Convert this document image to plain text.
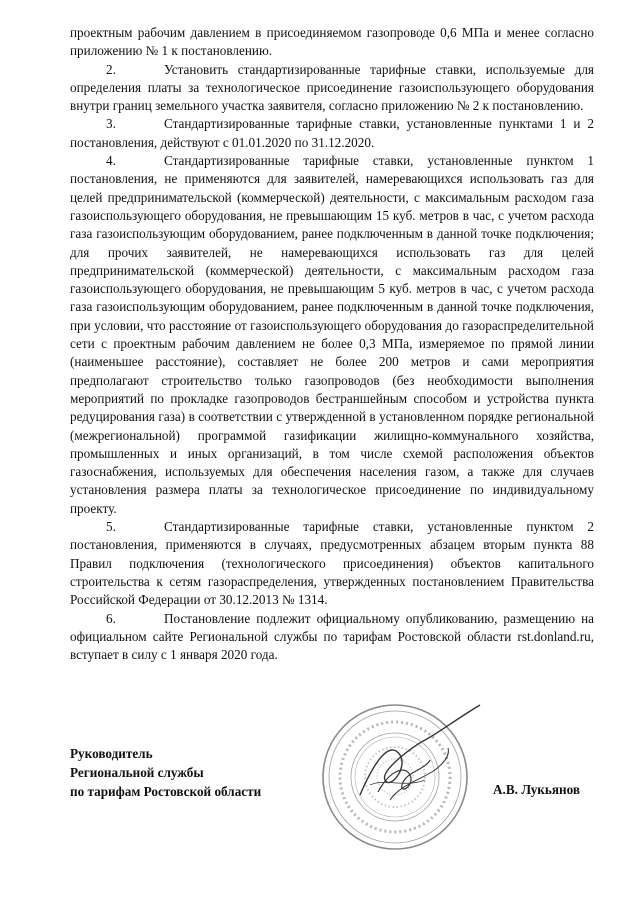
проектным рабочим давлением в присоединяемом газопроводе 0,6 МПа и менее согласно приложению № 1 к постановлению.

2.	Установить стандартизированные тарифные ставки, используемые для определения платы за технологическое присоединение газоиспользующего оборудования внутри границ земельного участка заявителя, согласно приложению № 2 к постановлению.

3.	Стандартизированные тарифные ставки, установленные пунктами 1 и 2 постановления, действуют с 01.01.2020 по 31.12.2020.

4.	Стандартизированные тарифные ставки, установленные пунктом 1 постановления, не применяются для заявителей, намеревающихся использовать газ для целей предпринимательской (коммерческой) деятельности, с максимальным расходом газа газоиспользующего оборудования, не превышающим 15 куб. метров в час, с учетом расхода газа газоиспользующим оборудованием, ранее подключенным в данной точке подключения; для прочих заявителей, не намеревающихся использовать газ для целей предпринимательской (коммерческой) деятельности, с максимальным расходом газа газоиспользующего оборудования, не превышающим 5 куб. метров в час, с учетом расхода газа газоиспользующим оборудованием, ранее подключенным в данной точке подключения, при условии, что расстояние от газоиспользующего оборудования до газораспределительной сети с проектным рабочим давлением не более 0,3 МПа, измеряемое по прямой линии (наименьшее расстояние), составляет не более 200 метров и сами мероприятия предполагают строительство только газопроводов (без необходимости выполнения мероприятий по прокладке газопроводов бестраншейным способом и устройства пункта редуцирования газа) в соответствии с утвержденной в установленном порядке региональной (межрегиональной) программой газификации жилищно-коммунального хозяйства, промышленных и иных организаций, в том числе схемой расположения объектов газоснабжения, используемых для обеспечения населения газом, а также для случаев установления размера платы за технологическое присоединение по индивидуальному проекту.

5.	Стандартизированные тарифные ставки, установленные пунктом 2 постановления, применяются в случаях, предусмотренных абзацем вторым пункта 88 Правил подключения (технологического присоединения) объектов капитального строительства к сетям газораспределения, утвержденных постановлением Правительства Российской Федерации от 30.12.2013 № 1314.

6.	Постановление подлежит официальному опубликованию, размещению на официальном сайте Региональной службы по тарифам Ростовской области rst.donland.ru, вступает в силу с 1 января 2020 года.

Руководитель
Региональной службы
по тарифам Ростовской области	А.В. Лукьянов
